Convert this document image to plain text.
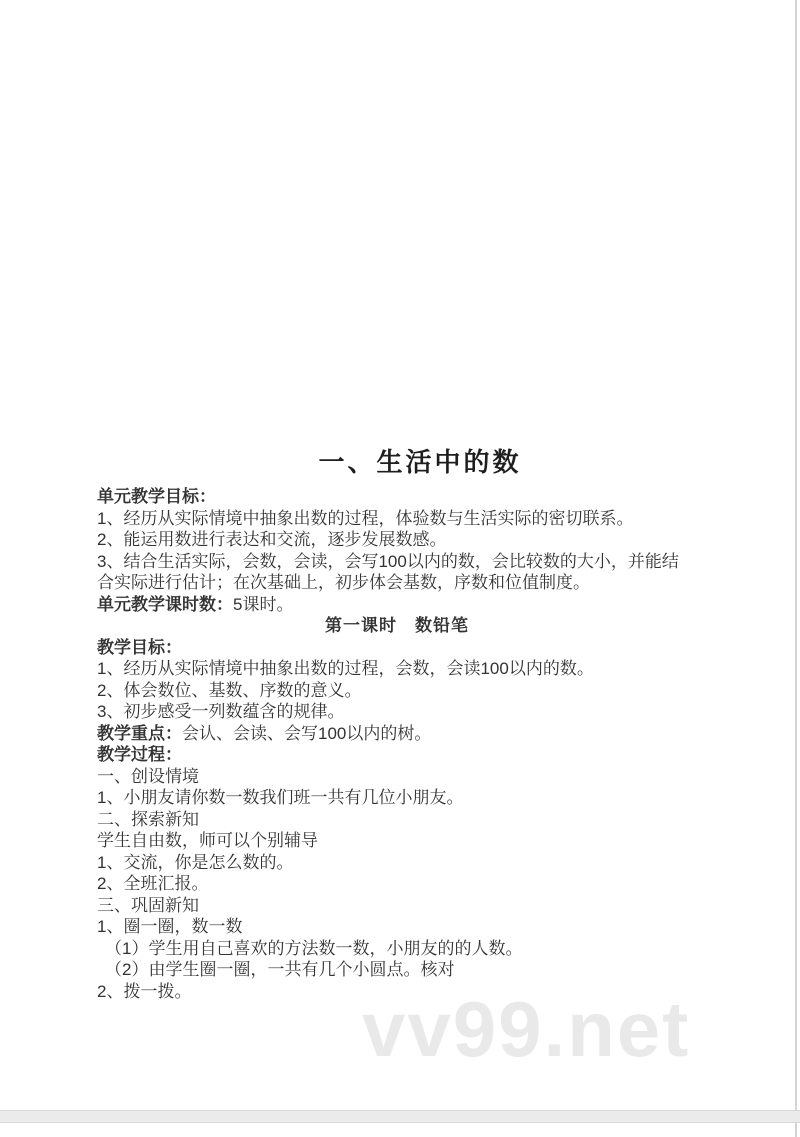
vv99.net
一、生活中的数
单元教学目标：
1、经历从实际情境中抽象出数的过程，体验数与生活实际的密切联系。
2、能运用数进行表达和交流，逐步发展数感。
3、结合生活实际，会数，会读，会写100以内的数，会比较数的大小，并能结
合实际进行估计；在次基础上，初步体会基数，序数和位值制度。
单元教学课时数：5课时。
第一课时　数铅笔
教学目标：
1、经历从实际情境中抽象出数的过程，会数，会读100以内的数。
2、体会数位、基数、序数的意义。
3、初步感受一列数蕴含的规律。
教学重点：会认、会读、会写100以内的树。
教学过程：
一、创设情境
1、小朋友请你数一数我们班一共有几位小朋友。
二、探索新知
学生自由数，师可以个别辅导
1、交流，你是怎么数的。
2、全班汇报。
三、巩固新知
1、圈一圈，数一数
（1）学生用自己喜欢的方法数一数，小朋友的的人数。
（2）由学生圈一圈，一共有几个小圆点。核对
2、拨一拨。
